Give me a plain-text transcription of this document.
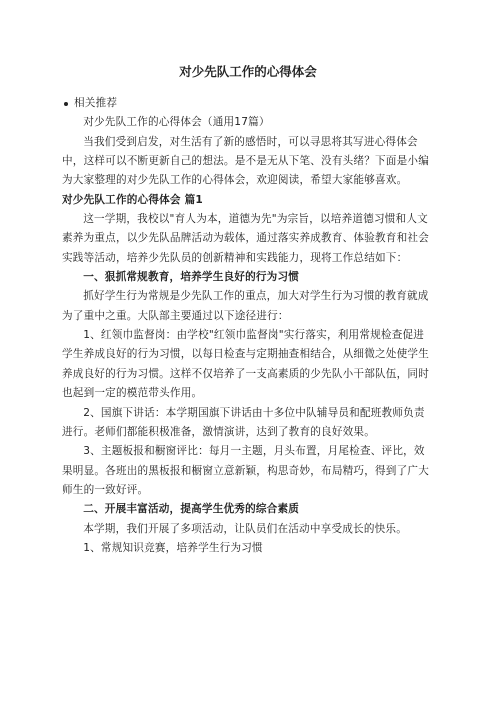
对少先队工作的心得体会

相关推荐

对少先队工作的心得体会（通用17篇）

当我们受到启发，对生活有了新的感悟时，可以寻思将其写进心得体会中，这样可以不断更新自己的想法。是不是无从下笔、没有头绪？下面是小编为大家整理的对少先队工作的心得体会，欢迎阅读，希望大家能够喜欢。

对少先队工作的心得体会 篇1

这一学期，我校以"育人为本，道德为先"为宗旨，以培养道德习惯和人文素养为重点，以少先队品牌活动为载体，通过落实养成教育、体验教育和社会实践等活动，培养少先队员的创新精神和实践能力，现将工作总结如下：

一、狠抓常规教育，培养学生良好的行为习惯

抓好学生行为常规是少先队工作的重点，加大对学生行为习惯的教育就成为了重中之重。大队部主要通过以下途径进行：

1、红领巾监督岗：由学校"红领巾监督岗"实行落实，利用常规检查促进学生养成良好的行为习惯，以每日检查与定期抽查相结合，从细微之处使学生养成良好的行为习惯。这样不仅培养了一支高素质的少先队小干部队伍，同时也起到一定的模范带头作用。

2、国旗下讲话：本学期国旗下讲话由十多位中队辅导员和配班教师负责进行。老师们都能积极准备，激情演讲，达到了教育的良好效果。

3、主题板报和橱窗评比：每月一主题，月头布置，月尾检查、评比，效果明显。各班出的黑板报和橱窗立意新颖，构思奇妙，布局精巧，得到了广大师生的一致好评。

二、开展丰富活动，提高学生优秀的综合素质

本学期，我们开展了多项活动，让队员们在活动中享受成长的快乐。

1、常规知识竞赛，培养学生行为习惯
